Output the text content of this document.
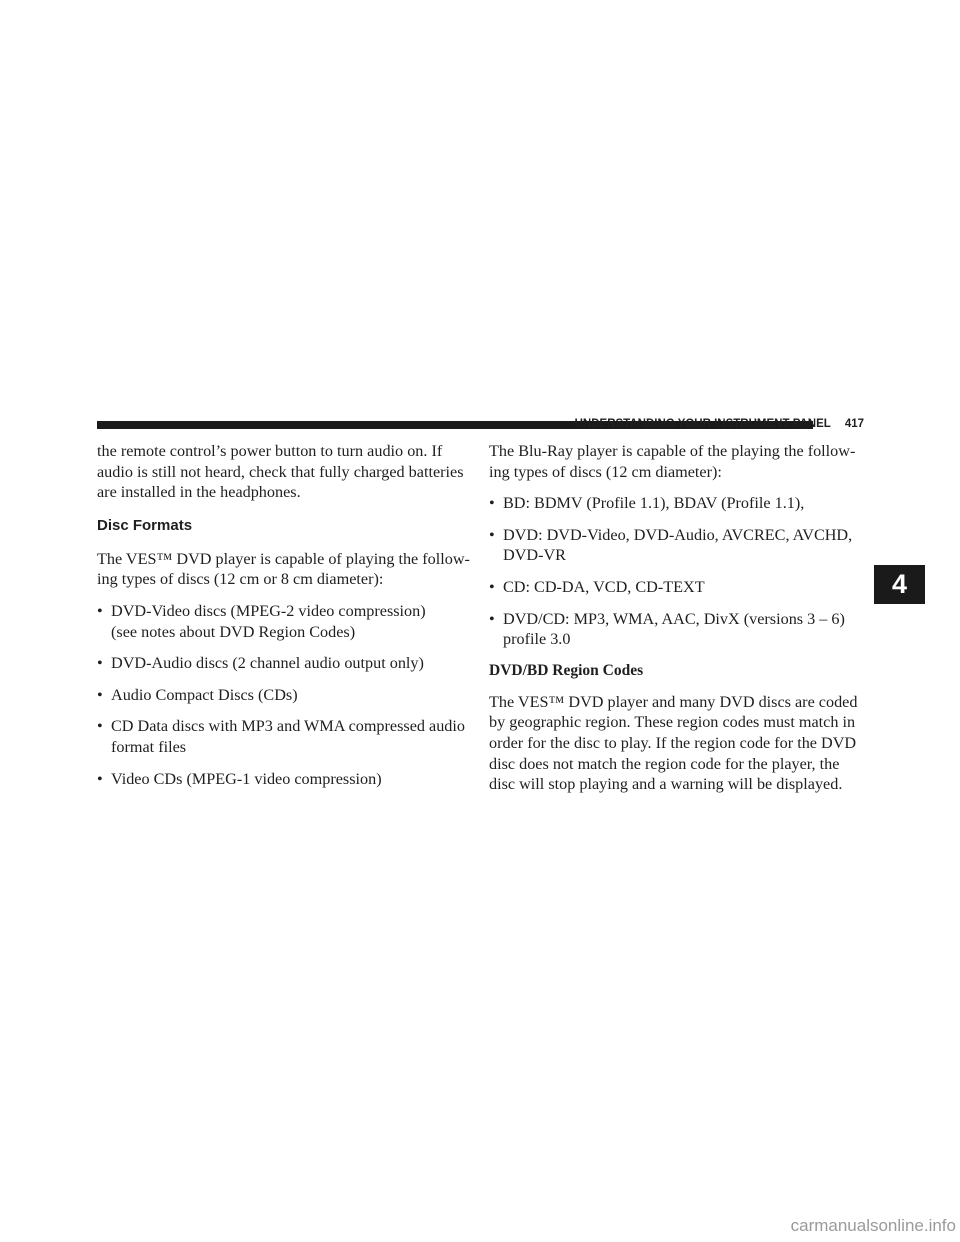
UNDERSTANDING YOUR INSTRUMENT PANEL 417

the remote control’s power button to turn audio on. If

audio is still not heard, check that fully charged batteries

are installed in the headphones.

Disc Formats

The VES™ DVD player is capable of playing the follow-

ing types of discs (12 cm or 8 cm diameter):

• DVD-Video discs (MPEG-2 video compression)
(see notes about DVD Region Codes)
• DVD-Audio discs (2 channel audio output only)
• Audio Compact Discs (CDs)
• CD Data discs with MP3 and WMA compressed audio
format files
• Video CDs (MPEG-1 video compression)

The Blu-Ray player is capable of the playing the follow-

ing types of discs (12 cm diameter):

• BD: BDMV (Profile 1.1), BDAV (Profile 1.1),
• DVD: DVD-Video, DVD-Audio, AVCREC, AVCHD,
DVD-VR
• CD: CD-DA, VCD, CD-TEXT
• DVD/CD: MP3, WMA, AAC, DivX (versions 3 – 6)
profile 3.0
DVD/BD Region Codes

The VES™ DVD player and many DVD discs are coded

by geographic region. These region codes must match in

order for the disc to play. If the region code for the DVD

disc does not match the region code for the player, the

disc will stop playing and a warning will be displayed.

4
carmanualsonline.info
